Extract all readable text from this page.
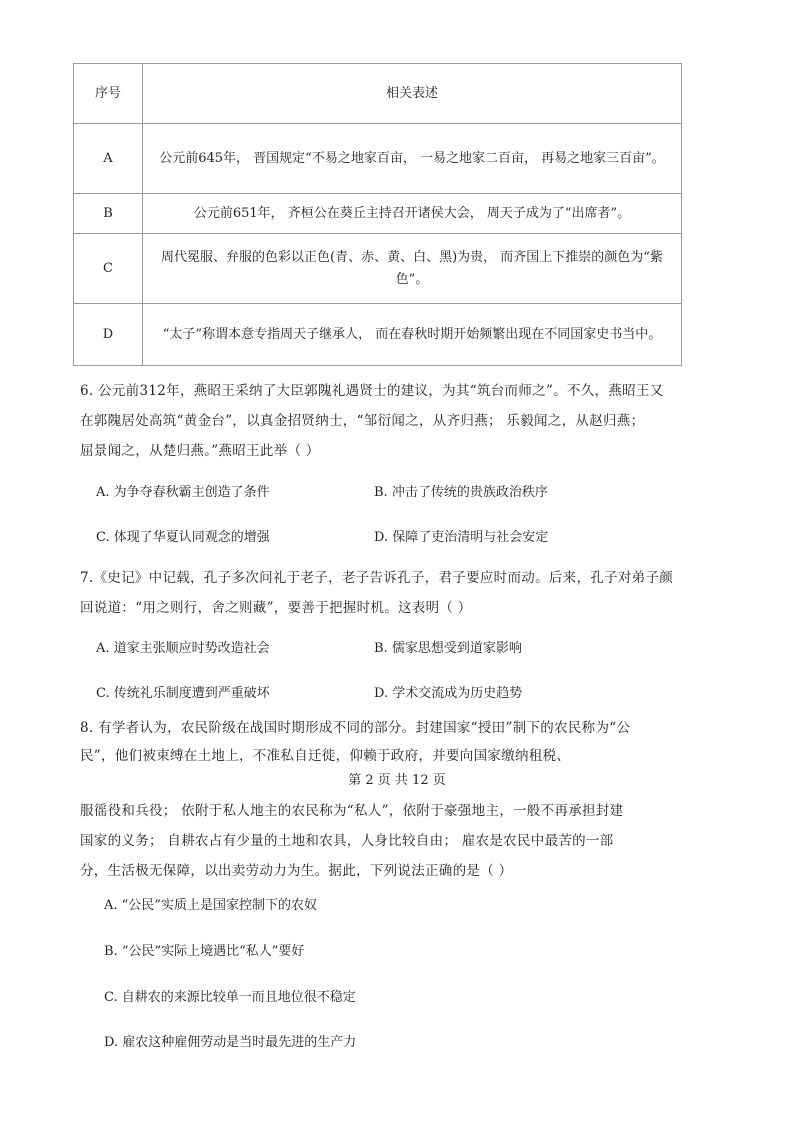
序号	相关表述
A	公元前645年， 晋国规定“不易之地家百亩， 一易之地家二百亩， 再易之地家三百亩”。
B	公元前651年， 齐桓公在葵丘主持召开诸侯大会， 周天子成为了“出席者”。
C	周代冕服、弁服的色彩以正色(青、赤、黄、白、黑)为贵， 而齐国上下推崇的颜色为“紫色”。
D	“太子”称谓本意专指周天子继承人， 而在春秋时期开始频繁出现在不同国家史书当中。

6. 公元前312年，燕昭王采纳了大臣郭隗礼遇贤士的建议，为其“筑台而师之”。不久，燕昭王又

在郭隗居处高筑“黄金台”，以真金招贤纳士，“邹衍闻之，从齐归燕； 乐毅闻之，从赵归燕；

屈景闻之，从楚归燕。”燕昭王此举（ ）

A. 为争夺春秋霸主创造了条件	B. 冲击了传统的贵族政治秩序
C. 体现了华夏认同观念的增强	D. 保障了吏治清明与社会安定

7.《史记》中记载，孔子多次问礼于老子，老子告诉孔子，君子要应时而动。后来，孔子对弟子颜

回说道：“用之则行，舍之则藏”，要善于把握时机。这表明（ ）

A. 道家主张顺应时势改造社会	B. 儒家思想受到道家影响
C. 传统礼乐制度遭到严重破坏	D. 学术交流成为历史趋势

8. 有学者认为，农民阶级在战国时期形成不同的部分。封建国家“授田”制下的农民称为“公

民”，他们被束缚在土地上，不准私自迁徙，仰赖于政府，并要向国家缴纳租税、

第 2 页 共 12 页

服徭役和兵役； 依附于私人地主的农民称为“私人”，依附于豪强地主，一般不再承担封建

国家的义务； 自耕农占有少量的土地和农具，人身比较自由； 雇农是农民中最苦的一部

分，生活极无保障，以出卖劳动力为生。据此，下列说法正确的是（ ）

A. “公民”实质上是国家控制下的农奴
B. “公民”实际上境遇比“私人”要好
C. 自耕农的来源比较单一而且地位很不稳定
D. 雇农这种雇佣劳动是当时最先进的生产力
